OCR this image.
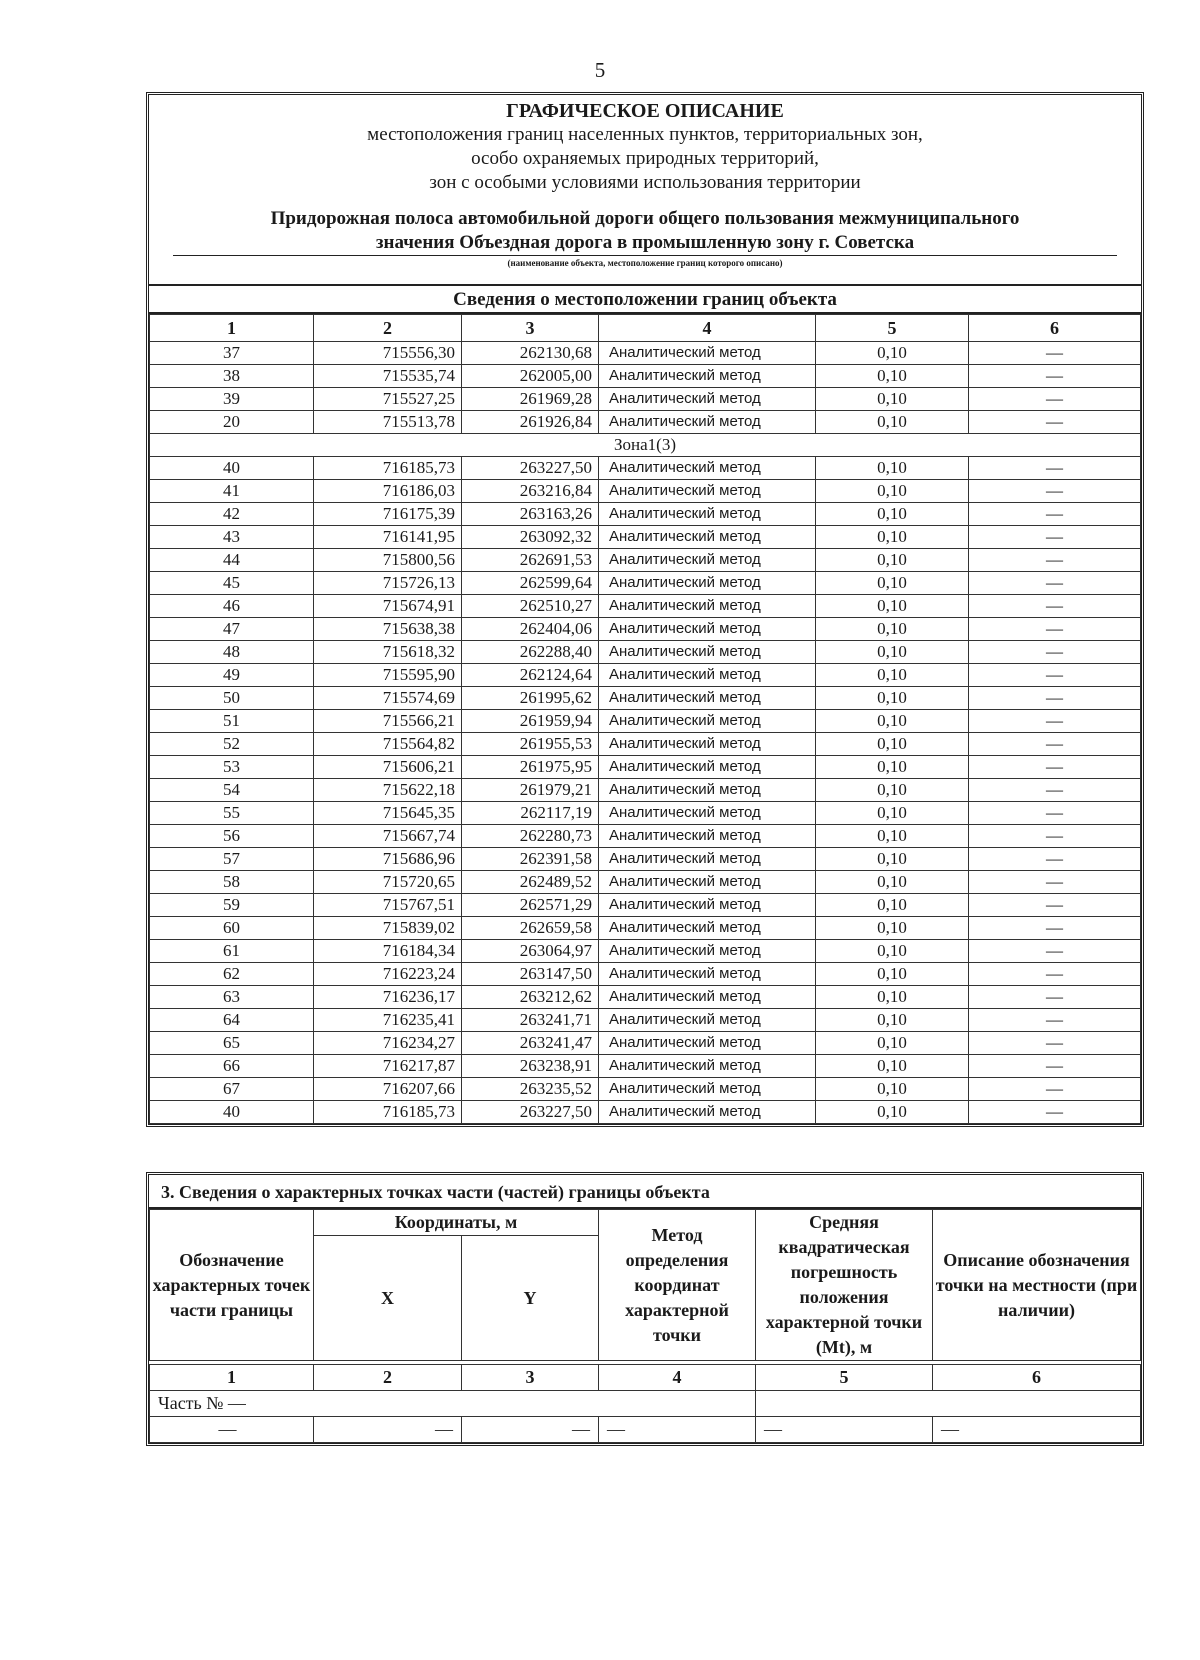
5
ГРАФИЧЕСКОЕ ОПИСАНИЕ
местоположения границ населенных пунктов, территориальных зон,
особо охраняемых природных территорий,
зон с особыми условиями использования территории
Придорожная полоса автомобильной дороги общего пользования межмуниципального
значения Объездная дорога в промышленную зону г. Советска
(наименование объекта, местоположение границ которого описано)
Сведения о местоположении границ объекта
1	2	3	4	5	6
37	715556,30	262130,68	Аналитический метод	0,10	—
38	715535,74	262005,00	Аналитический метод	0,10	—
39	715527,25	261969,28	Аналитический метод	0,10	—
20	715513,78	261926,84	Аналитический метод	0,10	—
Зона1(3)					
40	716185,73	263227,50	Аналитический метод	0,10	—
41	716186,03	263216,84	Аналитический метод	0,10	—
42	716175,39	263163,26	Аналитический метод	0,10	—
43	716141,95	263092,32	Аналитический метод	0,10	—
44	715800,56	262691,53	Аналитический метод	0,10	—
45	715726,13	262599,64	Аналитический метод	0,10	—
46	715674,91	262510,27	Аналитический метод	0,10	—
47	715638,38	262404,06	Аналитический метод	0,10	—
48	715618,32	262288,40	Аналитический метод	0,10	—
49	715595,90	262124,64	Аналитический метод	0,10	—
50	715574,69	261995,62	Аналитический метод	0,10	—
51	715566,21	261959,94	Аналитический метод	0,10	—
52	715564,82	261955,53	Аналитический метод	0,10	—
53	715606,21	261975,95	Аналитический метод	0,10	—
54	715622,18	261979,21	Аналитический метод	0,10	—
55	715645,35	262117,19	Аналитический метод	0,10	—
56	715667,74	262280,73	Аналитический метод	0,10	—
57	715686,96	262391,58	Аналитический метод	0,10	—
58	715720,65	262489,52	Аналитический метод	0,10	—
59	715767,51	262571,29	Аналитический метод	0,10	—
60	715839,02	262659,58	Аналитический метод	0,10	—
61	716184,34	263064,97	Аналитический метод	0,10	—
62	716223,24	263147,50	Аналитический метод	0,10	—
63	716236,17	263212,62	Аналитический метод	0,10	—
64	716235,41	263241,71	Аналитический метод	0,10	—
65	716234,27	263241,47	Аналитический метод	0,10	—
66	716217,87	263238,91	Аналитический метод	0,10	—
67	716207,66	263235,52	Аналитический метод	0,10	—
40	716185,73	263227,50	Аналитический метод	0,10	—
3. Сведения о характерных точках части (частей) границы объекта
Обозначение характерных точек части границы	Координаты, м		Метод определения координат характерной точки	Средняя квадратическая погрешность положения характерной точки (Mt), м	Описание обозначения точки на местности (при наличии)
	X	Y			

1	2	3	4	5	6
Часть № —					
—	—	—	—	—	—
